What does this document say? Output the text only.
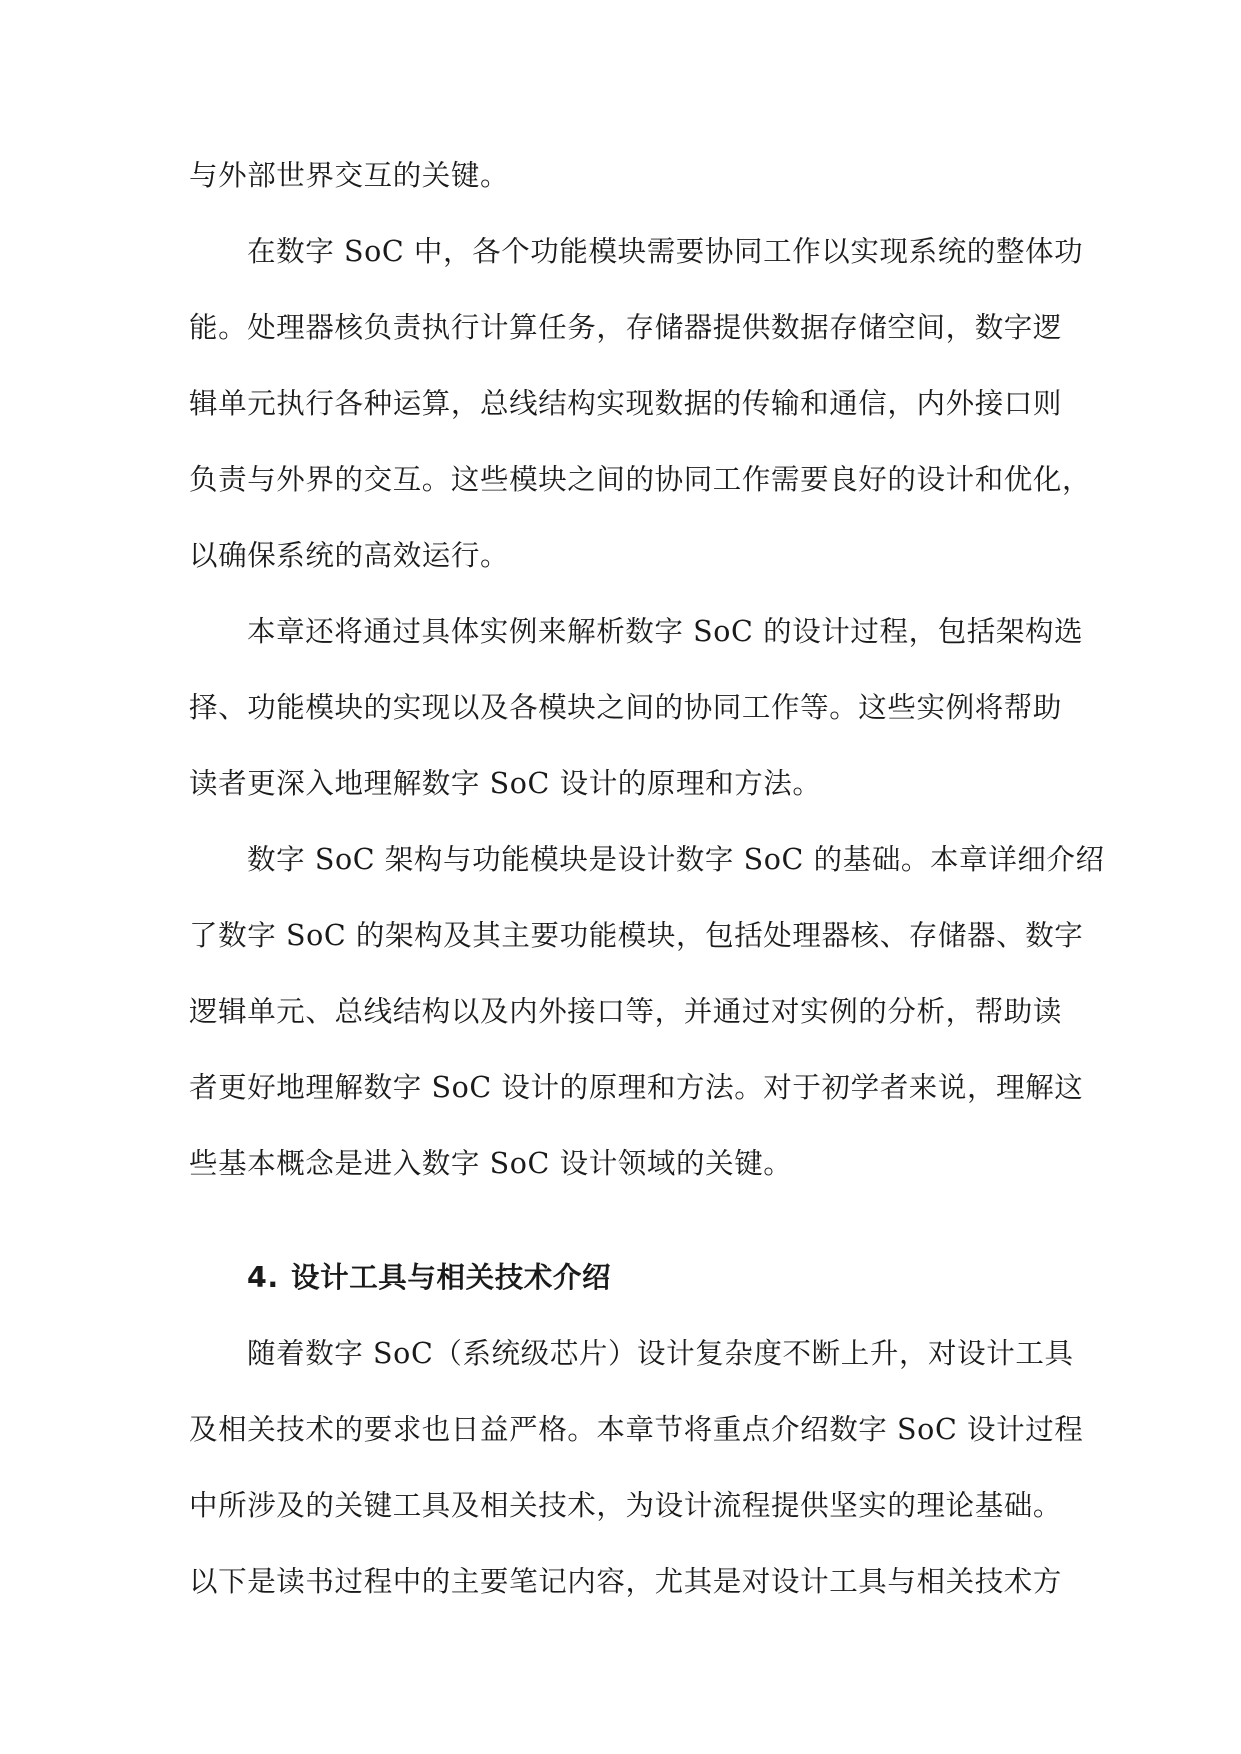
与外部世界交互的关键。

在数字 SoC 中，各个功能模块需要协同工作以实现系统的整体功
能。处理器核负责执行计算任务，存储器提供数据存储空间，数字逻
辑单元执行各种运算，总线结构实现数据的传输和通信，内外接口则
负责与外界的交互。这些模块之间的协同工作需要良好的设计和优化，
以确保系统的高效运行。

本章还将通过具体实例来解析数字 SoC 的设计过程，包括架构选
择、功能模块的实现以及各模块之间的协同工作等。这些实例将帮助
读者更深入地理解数字 SoC 设计的原理和方法。

数字 SoC 架构与功能模块是设计数字 SoC 的基础。本章详细介绍
了数字 SoC 的架构及其主要功能模块，包括处理器核、存储器、数字
逻辑单元、总线结构以及内外接口等，并通过对实例的分析，帮助读
者更好地理解数字 SoC 设计的原理和方法。对于初学者来说，理解这
些基本概念是进入数字 SoC 设计领域的关键。

4. 设计工具与相关技术介绍

随着数字 SoC（系统级芯片）设计复杂度不断上升，对设计工具
及相关技术的要求也日益严格。本章节将重点介绍数字 SoC 设计过程
中所涉及的关键工具及相关技术，为设计流程提供坚实的理论基础。
以下是读书过程中的主要笔记内容，尤其是对设计工具与相关技术方
